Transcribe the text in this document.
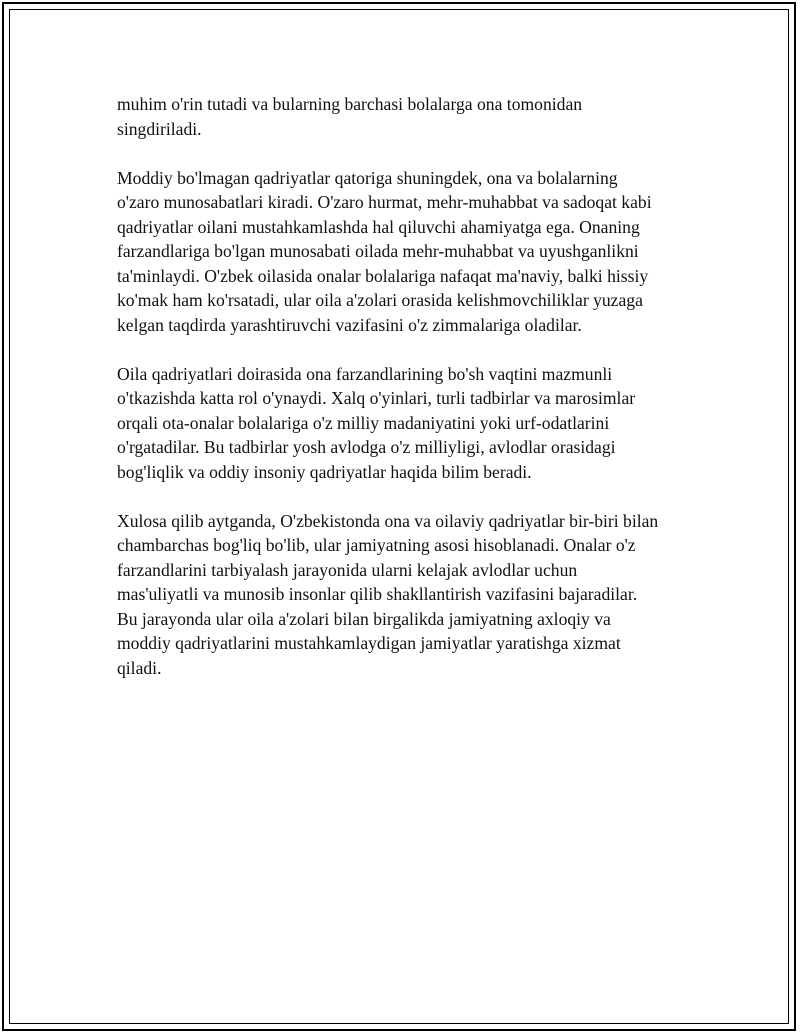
muhim o'rin tutadi va bularning barchasi bolalarga ona tomonidan
singdiriladi.

Moddiy bo'lmagan qadriyatlar qatoriga shuningdek, ona va bolalarning
o'zaro munosabatlari kiradi. O'zaro hurmat, mehr-muhabbat va sadoqat kabi
qadriyatlar oilani mustahkamlashda hal qiluvchi ahamiyatga ega. Onaning
farzandlariga bo'lgan munosabati oilada mehr-muhabbat va uyushganlikni
ta'minlaydi. O'zbek oilasida onalar bolalariga nafaqat ma'naviy, balki hissiy
ko'mak ham ko'rsatadi, ular oila a'zolari orasida kelishmovchiliklar yuzaga
kelgan taqdirda yarashtiruvchi vazifasini o'z zimmalariga oladilar.

Oila qadriyatlari doirasida ona farzandlarining bo'sh vaqtini mazmunli
o'tkazishda katta rol o'ynaydi. Xalq o'yinlari, turli tadbirlar va marosimlar
orqali ota-onalar bolalariga o'z milliy madaniyatini yoki urf-odatlarini
o'rgatadilar. Bu tadbirlar yosh avlodga o'z milliyligi, avlodlar orasidagi
bog'liqlik va oddiy insoniy qadriyatlar haqida bilim beradi.

Xulosa qilib aytganda, O'zbekistonda ona va oilaviy qadriyatlar bir-biri bilan
chambarchas bog'liq bo'lib, ular jamiyatning asosi hisoblanadi. Onalar o'z
farzandlarini tarbiyalash jarayonida ularni kelajak avlodlar uchun
mas'uliyatli va munosib insonlar qilib shakllantirish vazifasini bajaradilar.
Bu jarayonda ular oila a'zolari bilan birgalikda jamiyatning axloqiy va
moddiy qadriyatlarini mustahkamlaydigan jamiyatlar yaratishga xizmat
qiladi.
